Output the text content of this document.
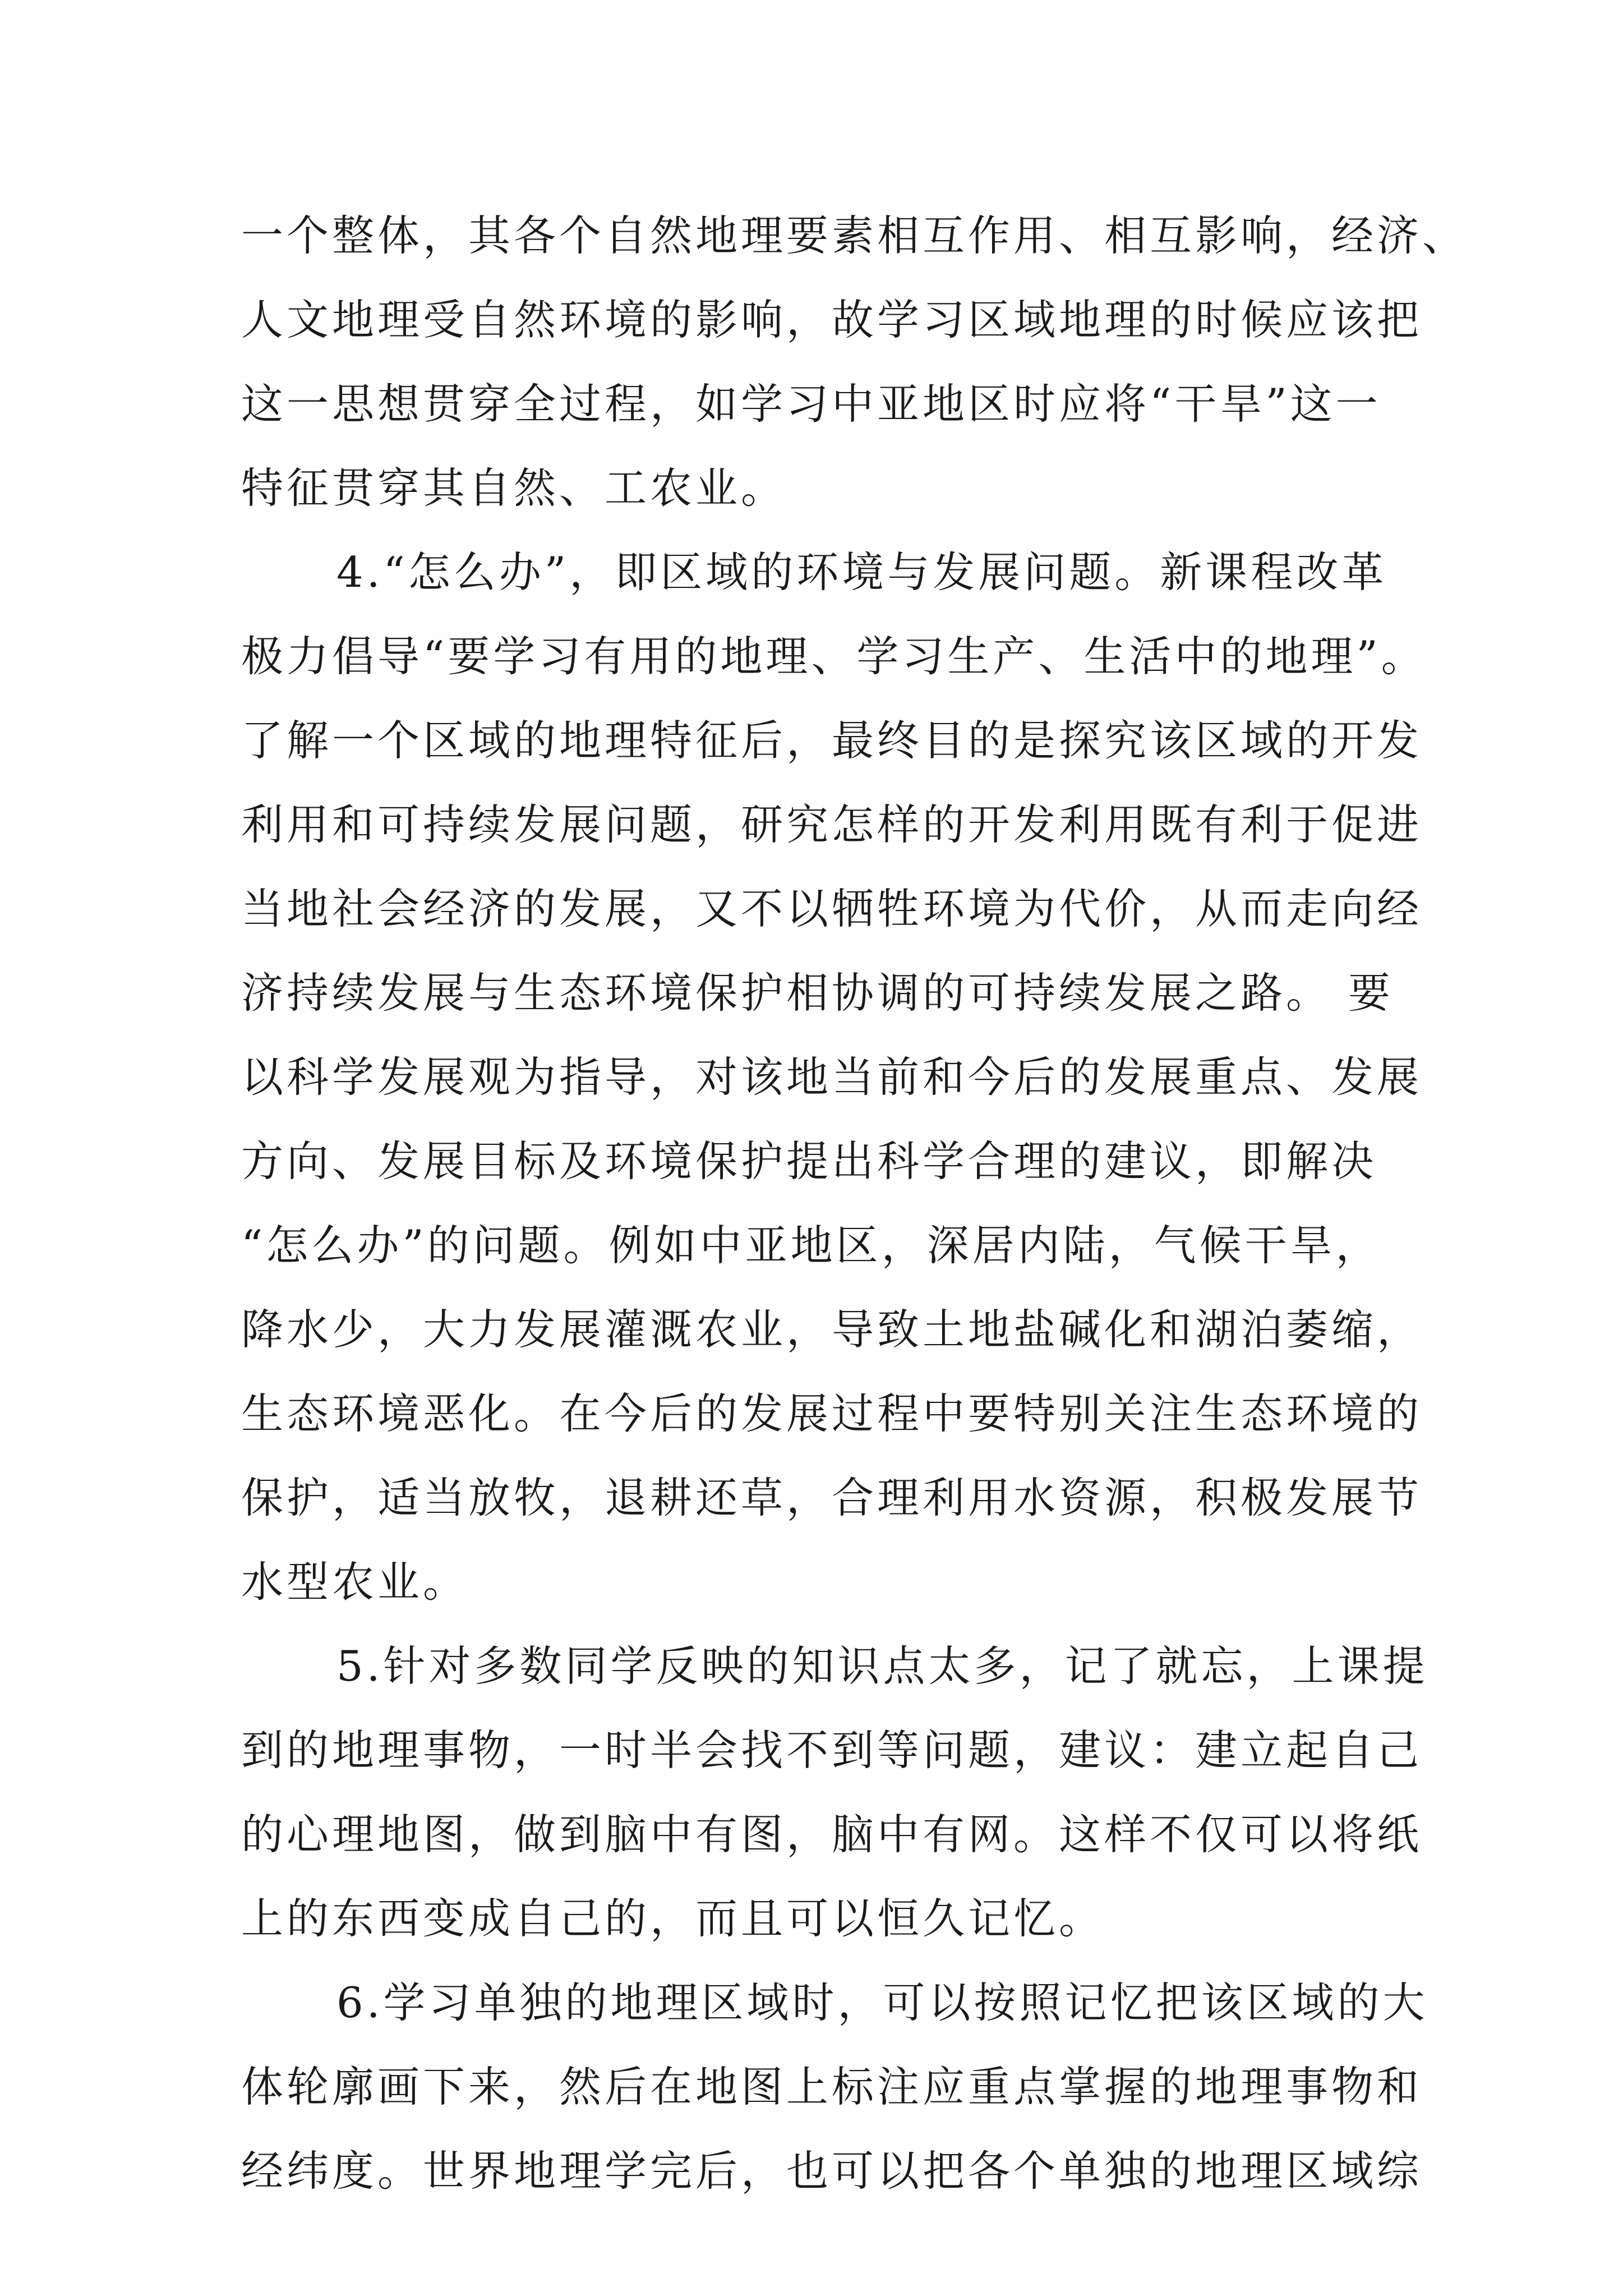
一个整体，其各个自然地理要素相互作用、相互影响，经济、
人文地理受自然环境的影响，故学习区域地理的时候应该把
这一思想贯穿全过程，如学习中亚地区时应将“干旱”这一
特征贯穿其自然、工农业。
4.“怎么办”，即区域的环境与发展问题。新课程改革
极力倡导“要学习有用的地理、学习生产、生活中的地理”。
了解一个区域的地理特征后，最终目的是探究该区域的开发
利用和可持续发展问题，研究怎样的开发利用既有利于促进
当地社会经济的发展，又不以牺牲环境为代价，从而走向经
济持续发展与生态环境保护相协调的可持续发展之路。 要
以科学发展观为指导，对该地当前和今后的发展重点、发展
方向、发展目标及环境保护提出科学合理的建议，即解决
“怎么办”的问题。例如中亚地区，深居内陆，气候干旱，
降水少，大力发展灌溉农业，导致土地盐碱化和湖泊萎缩，
生态环境恶化。在今后的发展过程中要特别关注生态环境的
保护，适当放牧，退耕还草，合理利用水资源，积极发展节
水型农业。
5.针对多数同学反映的知识点太多，记了就忘，上课提
到的地理事物，一时半会找不到等问题，建议：建立起自己
的心理地图，做到脑中有图，脑中有网。这样不仅可以将纸
上的东西变成自己的，而且可以恒久记忆。
6.学习单独的地理区域时，可以按照记忆把该区域的大
体轮廓画下来，然后在地图上标注应重点掌握的地理事物和
经纬度。世界地理学完后，也可以把各个单独的地理区域综
